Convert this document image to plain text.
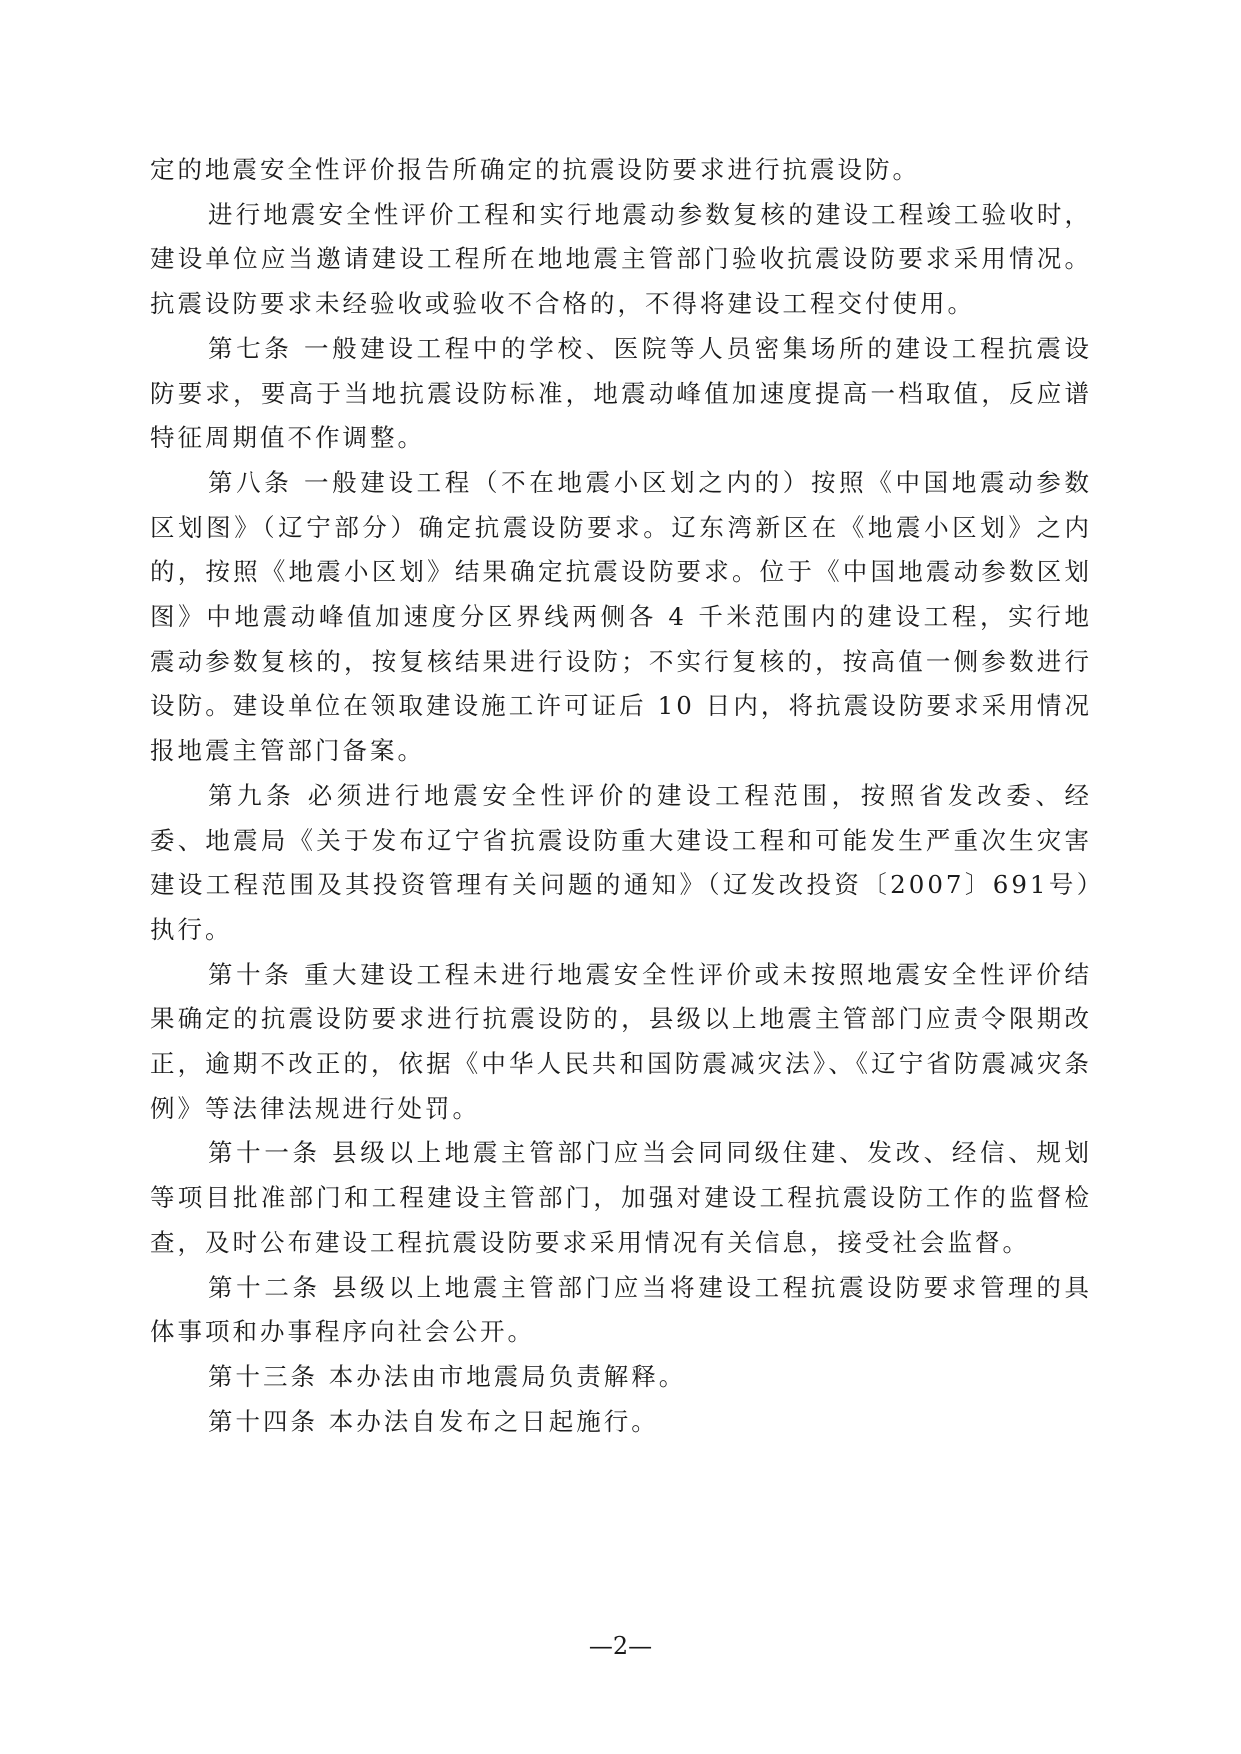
定的地震安全性评价报告所确定的抗震设防要求进行抗震设防。

进行地震安全性评价工程和实行地震动参数复核的建设工程竣工验收时，建设单位应当邀请建设工程所在地地震主管部门验收抗震设防要求采用情况。抗震设防要求未经验收或验收不合格的，不得将建设工程交付使用。

第七条 一般建设工程中的学校、医院等人员密集场所的建设工程抗震设防要求，要高于当地抗震设防标准，地震动峰值加速度提高一档取值，反应谱特征周期值不作调整。

第八条 一般建设工程（不在地震小区划之内的）按照《中国地震动参数区划图》（辽宁部分）确定抗震设防要求。辽东湾新区在《地震小区划》之内的，按照《地震小区划》结果确定抗震设防要求。位于《中国地震动参数区划图》中地震动峰值加速度分区界线两侧各 4 千米范围内的建设工程，实行地震动参数复核的，按复核结果进行设防；不实行复核的，按高值一侧参数进行设防。建设单位在领取建设施工许可证后 10 日内，将抗震设防要求采用情况报地震主管部门备案。

第九条 必须进行地震安全性评价的建设工程范围，按照省发改委、经委、地震局《关于发布辽宁省抗震设防重大建设工程和可能发生严重次生灾害建设工程范围及其投资管理有关问题的通知》（辽发改投资〔2007〕691号）执行。

第十条 重大建设工程未进行地震安全性评价或未按照地震安全性评价结果确定的抗震设防要求进行抗震设防的，县级以上地震主管部门应责令限期改正，逾期不改正的，依据《中华人民共和国防震减灾法》、《辽宁省防震减灾条例》等法律法规进行处罚。

第十一条 县级以上地震主管部门应当会同同级住建、发改、经信、规划等项目批准部门和工程建设主管部门，加强对建设工程抗震设防工作的监督检查，及时公布建设工程抗震设防要求采用情况有关信息，接受社会监督。

第十二条 县级以上地震主管部门应当将建设工程抗震设防要求管理的具体事项和办事程序向社会公开。

第十三条 本办法由市地震局负责解释。

第十四条 本办法自发布之日起施行。

—2—
